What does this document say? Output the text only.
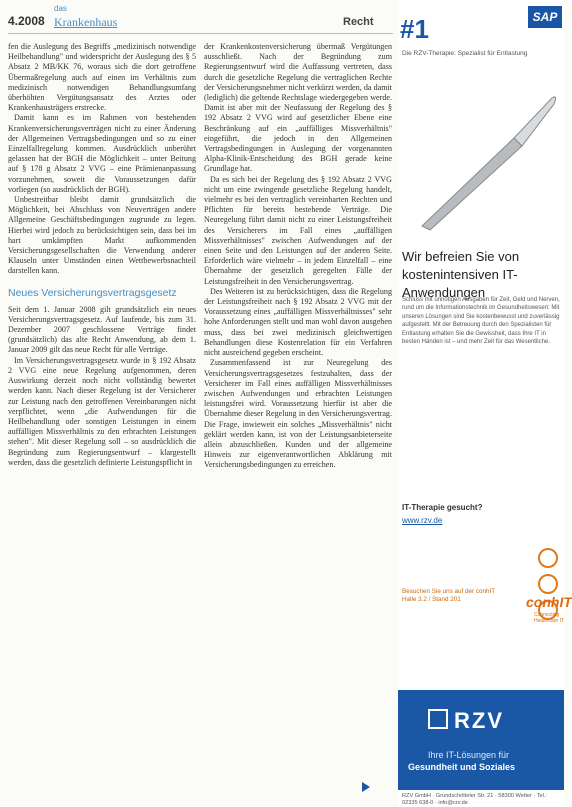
4.2008
das
Krankenhaus	Recht

fen die Auslegung des Begriffs „medizinisch notwendige Heilbehandlung" und widerspricht der Auslegung des § 5 Absatz 2 MB/KK 76, woraus sich die dort getroffene Übermaßregelung auch auf einen im Verhältnis zum medizinisch notwendigen Behandlungsumfang überhöhten Vergütungsansatz des Arztes oder Krankenhausträgers erstrecke.

Damit kann es im Rahmen von bestehenden Krankenversicherungsverträgen nicht zu einer Änderung der Allgemeinen Vertragsbedingungen und so zu einer Einzelfallregelung kommen. Ausdrücklich unberührt gelassen hat der BGH die Möglichkeit – unter Beitung auf § 178 g Absatz 2 VVG – eine Prämienanpassung vorzunehmen, soweit die Voraussetzungen dafür vorliegen (so ausdrücklich der BGH).

Unbestreitbar bleibt damit grundsätzlich die Möglichkeit, bei Abschluss von Neuverträgen andere Allgemeine Geschäftsbedingungen zugrunde zu legen. Hierbei wird jedoch zu berücksichtigen sein, dass bei im hart umkämpften Markt aufkommenden Versicherungsgesellschaften die Verwendung anderer Klauseln unter Umständen einen Wettbewerbsnachteil darstellen kann.

Neues Versicherungsvertragsgesetz

Seit dem 1. Januar 2008 gilt grundsätzlich ein neues Versicherungsvertragsgesetz. Auf laufende, bis zum 31. Dezember 2007 geschlossene Verträge findet (grundsätzlich) das alte Recht Anwendung, ab dem 1. Januar 2009 gilt das neue Recht für alle Verträge.

Im Versicherungsvertragsgesetz wurde in § 192 Absatz 2 VVG eine neue Regelung aufgenommen, deren Auswirkung derzeit noch nicht vollständig bewertet werden kann. Nach dieser Regelung ist der Versicherer zur Leistung nach den getroffenen Vereinbarungen nicht verpflichtet, wenn „die Aufwendungen für die Heilbehandlung oder sonstigen Leistungen in einem auffälligen Missverhältnis zu den erbrachten Leistungen stehen". Mit dieser Regelung soll – so ausdrücklich die Begründung zum Regierungsentwurf – klargestellt werden, dass die gesetzlich definierte Leistungspflicht in

der Krankenkostenversicherung übermaß Vergütungen ausschließt. Nach der Begründung zum Regierungsentwurf wird die Auffassung vertreten, dass durch die gesetzliche Regelung die vertraglichen Rechte der Versicherungsnehmer nicht verkürzt werden, da damit (lediglich) die geltende Rechtslage wiedergegeben werde. Damit ist aber mit der Neufassung der Regelung des § 192 Absatz 2 VVG wird auf gesetzlicher Ebene eine Beschränkung auf ein „auffälliges Missverhältnis" eingeführt, die jedoch in den Allgemeinen Vertragsbedingungen in Auslegung der vorgenannten Alpha-Klinik-Entscheidung des BGH gerade keine Grundlage hat.

Da es sich bei der Regelung des § 192 Absatz 2 VVG nicht um eine zwingende gesetzliche Regelung handelt, vielmehr es bei den vertraglich vereinbarten Rechten und Pflichten für bereits bestehende Verträge. Die Neuregelung führt damit nicht zu einer Leistungsfreiheit des Versicherers im Fall eines „auffälligen Missverhältnisses" zwischen Aufwendungen auf der einen Seite und den Leistungen auf der anderen Seite. Erforderlich wäre vielmehr – in jedem Einzelfall – eine Übernahme der gesetzlich geregelten Fälle der Leistungsfreiheit in den Versicherungsvertrag.

Des Weiteren ist zu berücksichtigen, dass die Regelung der Leistungsfreiheit nach § 192 Absatz 2 VVG mit der Voraussetzung eines „auffälligen Missverhältnisses" sehr hohe Anforderungen stellt und man wohl davon ausgehen muss, dass bei zwei medizinisch gleichwertigen Behandlungen diese Kostenrelation für ein Verfahren nicht ausreichend gegeben erscheint.

Zusammenfassend ist zur Neuregelung des Versicherungsvertragsgesetzes festzuhalten, dass der Versicherer im Fall eines auffälligen Missverhältnisses zwischen Aufwendungen und erbrachten Leistungen leistungsfrei wird. Voraussetzung hierfür ist aber die Übernahme dieser Regelung in den Versicherungsvertrag. Die Frage, inwieweit ein solches „Missverhältnis" nicht geklärt werden kann, ist von der Leistungsanbieterseite allein abzuschließen. Kunden und der allgemeine Hinweis zur eigenverantwortlichen Abklärung mit Versicherungsbedingungen zu erreichen.

#1	SAP
Die RZV-Therapie: Spezialist für Entlastung
Wir befreien Sie von kostenintensiven IT-Anwendungen
Schluss mit unnötigen Ausgaben für Zeit, Geld und Nerven, rund um die Informationstechnik im Gesundheitswesen: Mit unseren Lösungen sind Sie kostenbewusst und zuverlässig aufgestellt. Mit der Betreuung durch den Spezialisten für Entlastung erhalten Sie die Gewissheit, dass Ihre IT in besten Händen ist – und mehr Zeit für das Wesentliche.
IT-Therapie gesucht?
www.rzv.de
Besuchen Sie uns auf der conhIT Halle 3.2 / Stand 201	conhIT
Connecting Healthcare IT
RZV
Ihre IT-Lösungen für
Gesundheit und Soziales
RZV GmbH · Grundschötteler Str. 21 · 58300 Wetter · Tel.: 02335 638-0 · info@rzv.de
